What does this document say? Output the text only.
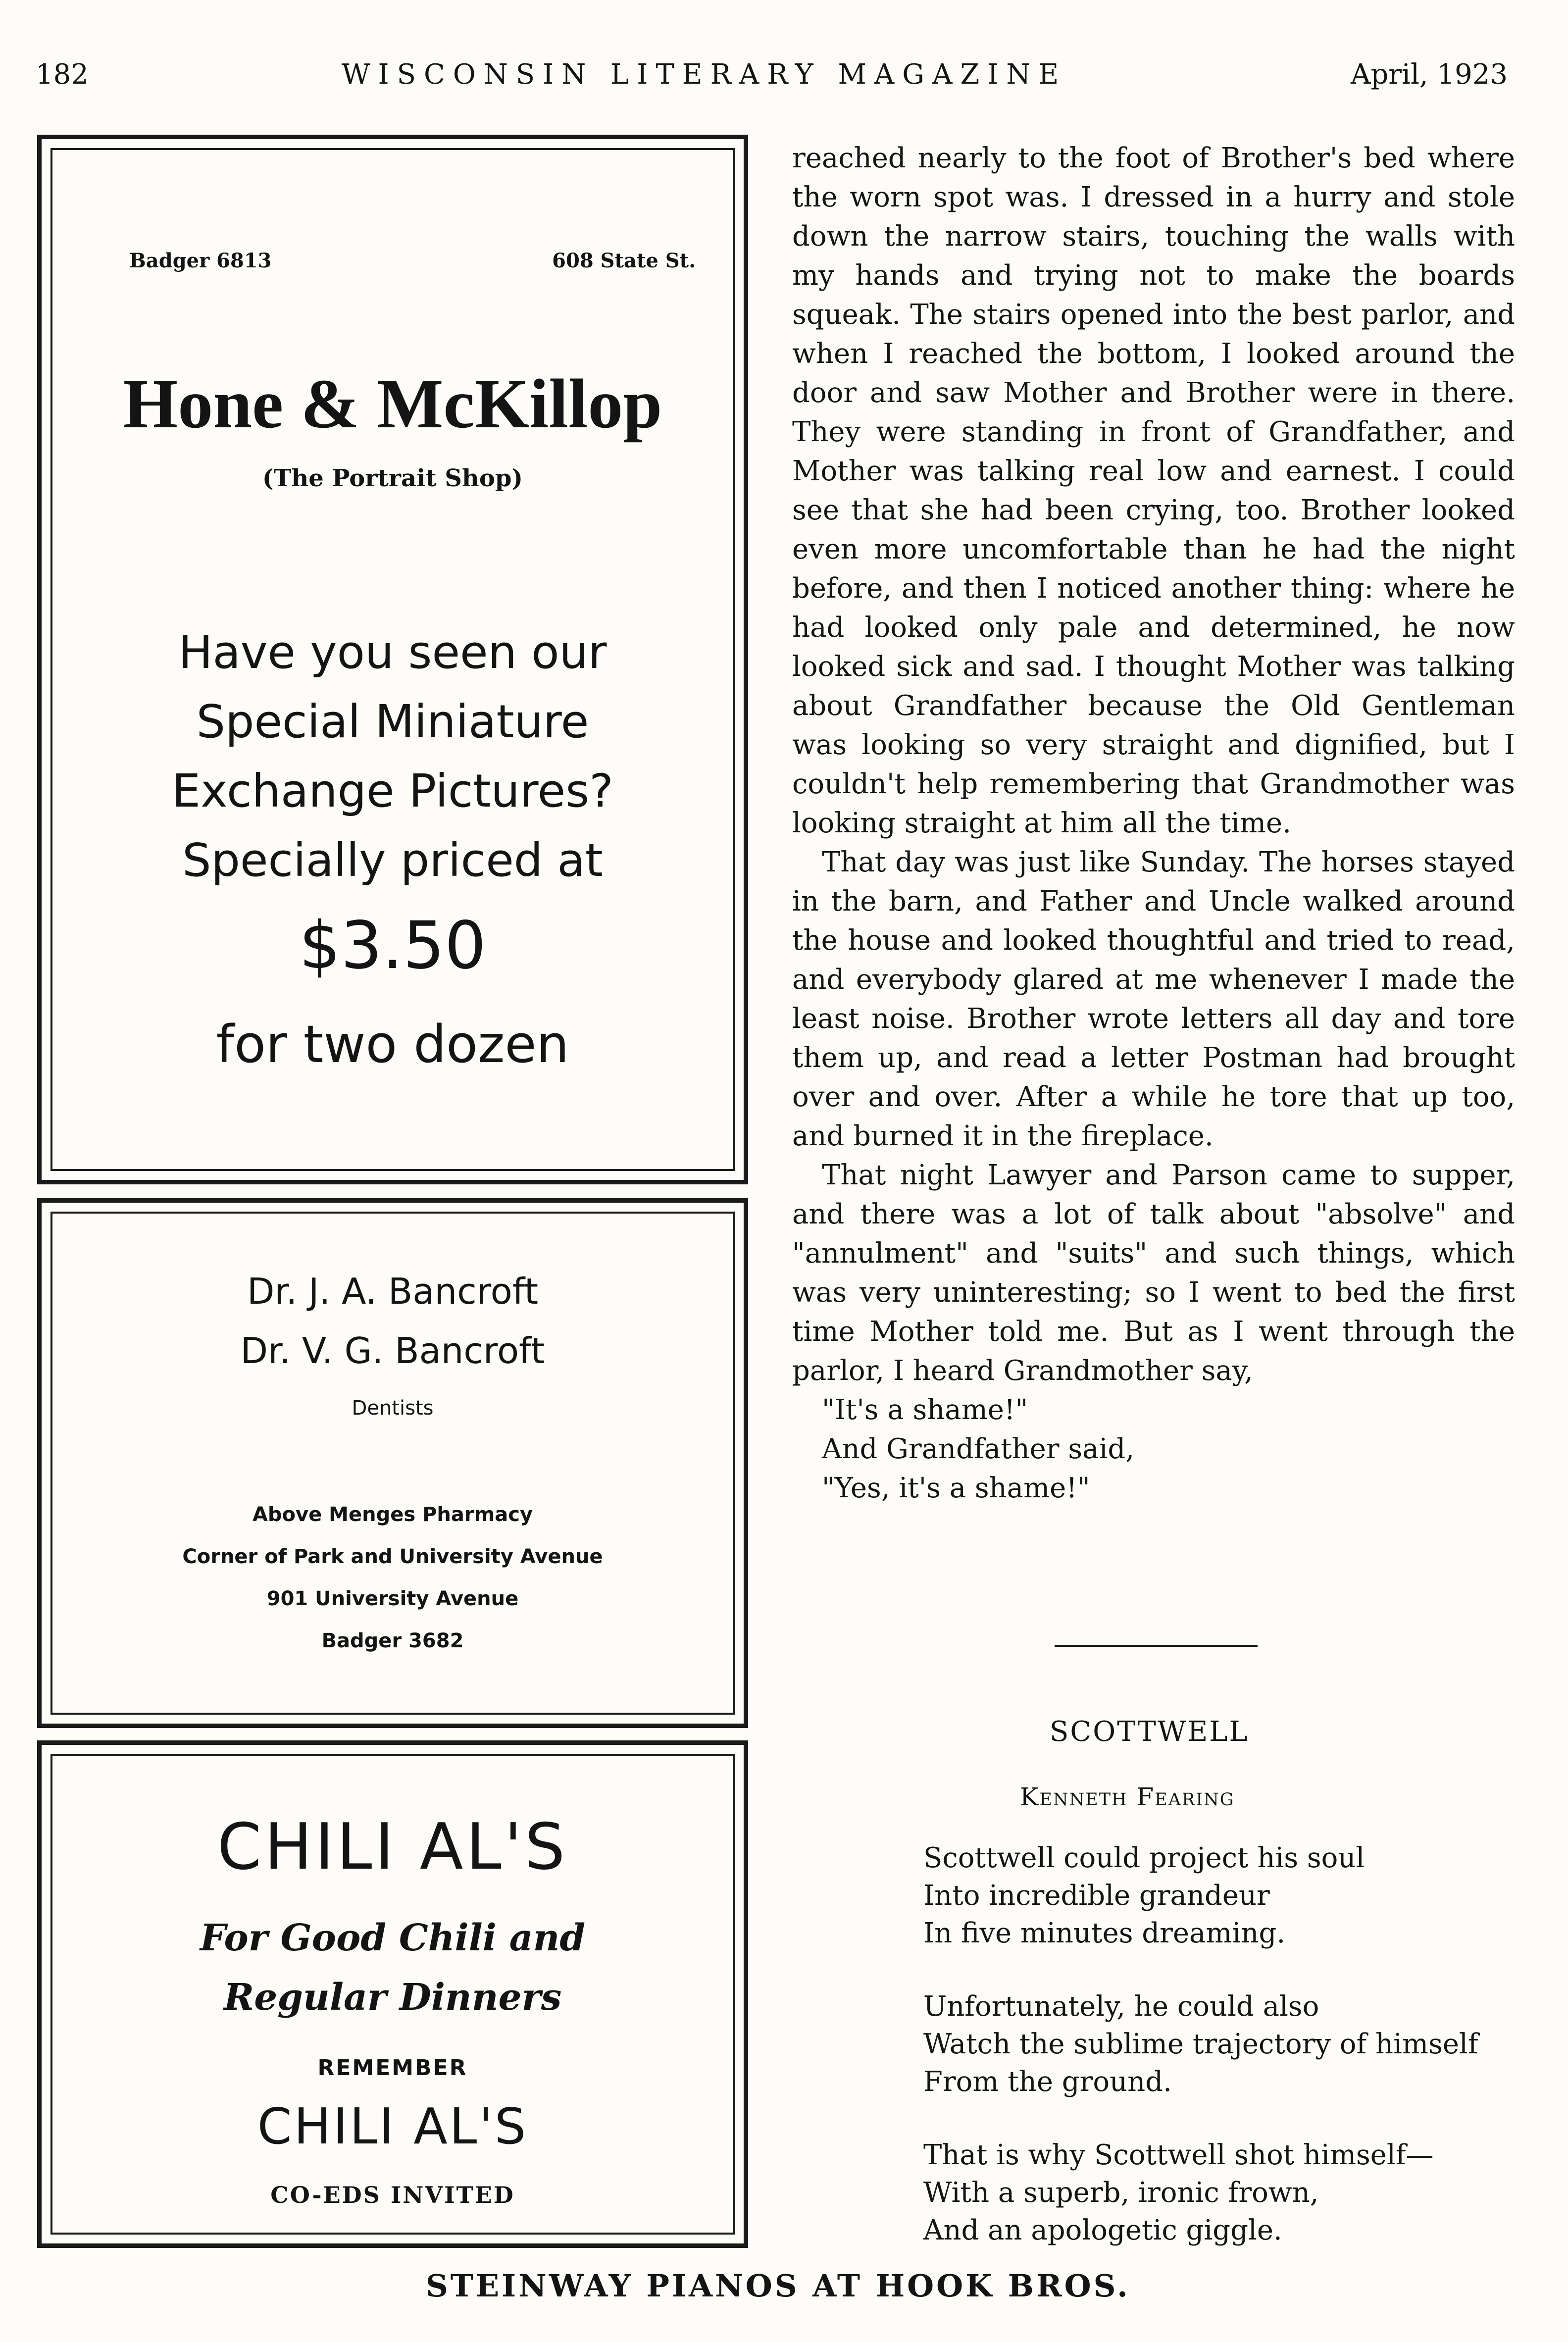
182	WISCONSIN LITERARY MAGAZINE	April, 1923
Badger 6813	608 State St.
Hone & McKillop
(The Portrait Shop)
Have you seen our
Special Miniature
Exchange Pictures?
Specially priced at
$3.50
for two dozen
Dr. J. A. Bancroft
Dr. V. G. Bancroft
Dentists
Above Menges Pharmacy
Corner of Park and University Avenue
901 University Avenue
Badger 3682
CHILI AL'S
For Good Chili and
Regular Dinners
REMEMBER
CHILI AL'S
CO-EDS INVITED

reached nearly to the foot of Brother's bed where the worn spot was. I dressed in a hurry and stole down the narrow stairs, touching the walls with my hands and trying not to make the boards squeak. The stairs opened into the best parlor, and when I reached the bottom, I looked around the door and saw Mother and Brother were in there. They were standing in front of Grandfather, and Mother was talking real low and earnest. I could see that she had been crying, too. Brother looked even more uncomfortable than he had the night before, and then I noticed another thing: where he had looked only pale and determined, he now looked sick and sad. I thought Mother was talking about Grandfather because the Old Gentleman was looking so very straight and dignified, but I couldn't help remembering that Grandmother was looking straight at him all the time.

That day was just like Sunday. The horses stayed in the barn, and Father and Uncle walked around the house and looked thoughtful and tried to read, and everybody glared at me whenever I made the least noise. Brother wrote letters all day and tore them up, and read a letter Postman had brought over and over. After a while he tore that up too, and burned it in the fireplace.

That night Lawyer and Parson came to supper, and there was a lot of talk about "absolve" and "annulment" and "suits" and such things, which was very uninteresting; so I went to bed the first time Mother told me. But as I went through the parlor, I heard Grandmother say,

"It's a shame!"

And Grandfather said,

"Yes, it's a shame!"

SCOTTWELL
Kenneth Fearing
Scottwell could project his soul
Into incredible grandeur
In five minutes dreaming.
Unfortunately, he could also
Watch the sublime trajectory of himself
From the ground.
That is why Scottwell shot himself—
With a superb, ironic frown,
And an apologetic giggle.
STEINWAY PIANOS AT HOOK BROS.
